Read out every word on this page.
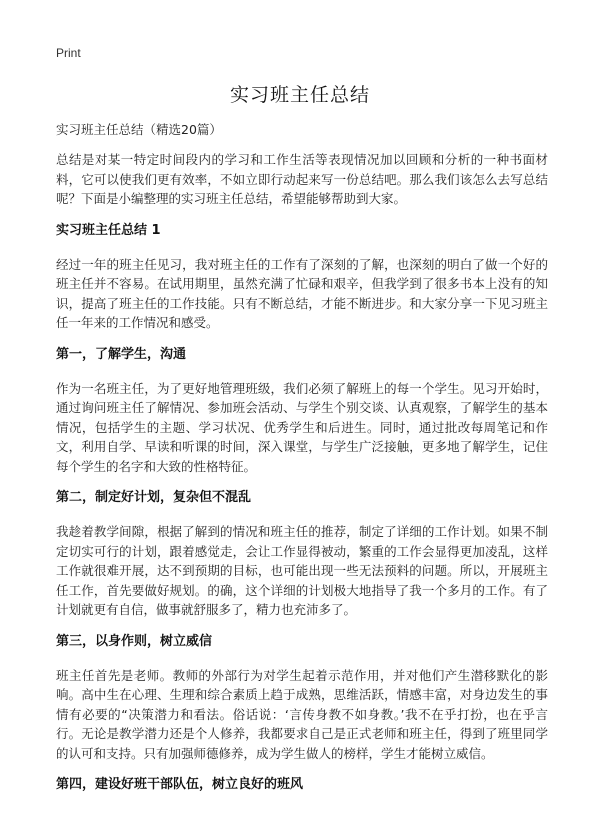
Print
实习班主任总结

实习班主任总结（精选20篇）

总结是对某一特定时间段内的学习和工作生活等表现情况加以回顾和分析的一种书面材料，它可以使我们更有效率，不如立即行动起来写一份总结吧。那么我们该怎么去写总结呢？下面是小编整理的实习班主任总结，希望能够帮助到大家。

实习班主任总结 1

经过一年的班主任见习，我对班主任的工作有了深刻的了解，也深刻的明白了做一个好的班主任并不容易。在试用期里，虽然充满了忙碌和艰辛，但我学到了很多书本上没有的知识，提高了班主任的工作技能。只有不断总结，才能不断进步。和大家分享一下见习班主任一年来的工作情况和感受。

第一，了解学生，沟通

作为一名班主任，为了更好地管理班级，我们必须了解班上的每一个学生。见习开始时，通过询问班主任了解情况、参加班会活动、与学生个别交谈、认真观察，了解学生的基本情况，包括学生的主题、学习状况、优秀学生和后进生。同时，通过批改每周笔记和作文，利用自学、早读和听课的时间，深入课堂，与学生广泛接触，更多地了解学生，记住每个学生的名字和大致的性格特征。

第二，制定好计划，复杂但不混乱

我趁着教学间隙，根据了解到的情况和班主任的推荐，制定了详细的工作计划。如果不制定切实可行的计划，跟着感觉走，会让工作显得被动，繁重的工作会显得更加凌乱，这样工作就很难开展，达不到预期的目标，也可能出现一些无法预料的问题。所以，开展班主任工作，首先要做好规划。的确，这个详细的计划极大地指导了我一个多月的工作。有了计划就更有自信，做事就舒服多了，精力也充沛多了。

第三，以身作则，树立威信

班主任首先是老师。教师的外部行为对学生起着示范作用，并对他们产生潜移默化的影响。高中生在心理、生理和综合素质上趋于成熟，思维活跃，情感丰富，对身边发生的事情有必要的“决策潜力和看法。俗话说：‘言传身教不如身教。’我不在乎打扮，也在乎言行。无论是教学潜力还是个人修养，我都要求自己是正式老师和班主任，得到了班里同学的认可和支持。只有加强师德修养，成为学生做人的榜样，学生才能树立威信。

第四，建设好班干部队伍，树立良好的班风
